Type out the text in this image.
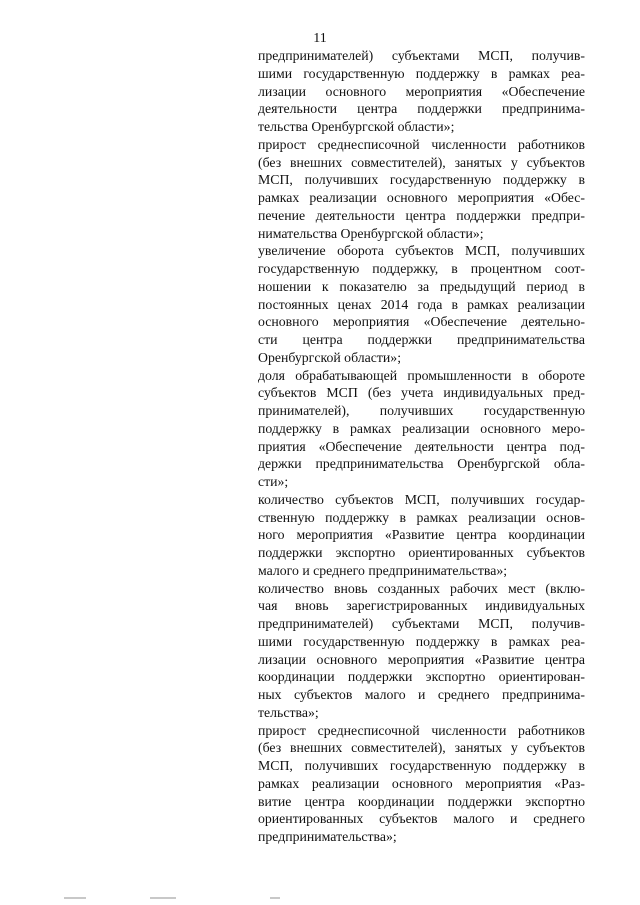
11
предпринимателей) субъектами МСП, получив-
шими государственную поддержку в рамках реа-
лизации основного мероприятия «Обеспечение
деятельности центра поддержки предпринима-
тельства Оренбургской области»;
прирост среднесписочной численности работников
(без внешних совместителей), занятых у субъектов
МСП, получивших государственную поддержку в
рамках реализации основного мероприятия «Обес-
печение деятельности центра поддержки предпри-
нимательства Оренбургской области»;
увеличение оборота субъектов МСП, получивших
государственную поддержку, в процентном соот-
ношении к показателю за предыдущий период в
постоянных ценах 2014 года в рамках реализации
основного мероприятия «Обеспечение деятельно-
сти центра поддержки предпринимательства
Оренбургской области»;
доля обрабатывающей промышленности в обороте
субъектов МСП (без учета индивидуальных пред-
принимателей), получивших государственную
поддержку в рамках реализации основного меро-
приятия «Обеспечение деятельности центра под-
держки предпринимательства Оренбургской обла-
сти»;
количество субъектов МСП, получивших государ-
ственную поддержку в рамках реализации основ-
ного мероприятия «Развитие центра координации
поддержки экспортно ориентированных субъектов
малого и среднего предпринимательства»;
количество вновь созданных рабочих мест (вклю-
чая вновь зарегистрированных индивидуальных
предпринимателей) субъектами МСП, получив-
шими государственную поддержку в рамках реа-
лизации основного мероприятия «Развитие центра
координации поддержки экспортно ориентирован-
ных субъектов малого и среднего предпринима-
тельства»;
прирост среднесписочной численности работников
(без внешних совместителей), занятых у субъектов
МСП, получивших государственную поддержку в
рамках реализации основного мероприятия «Раз-
витие центра координации поддержки экспортно
ориентированных субъектов малого и среднего
предпринимательства»;
